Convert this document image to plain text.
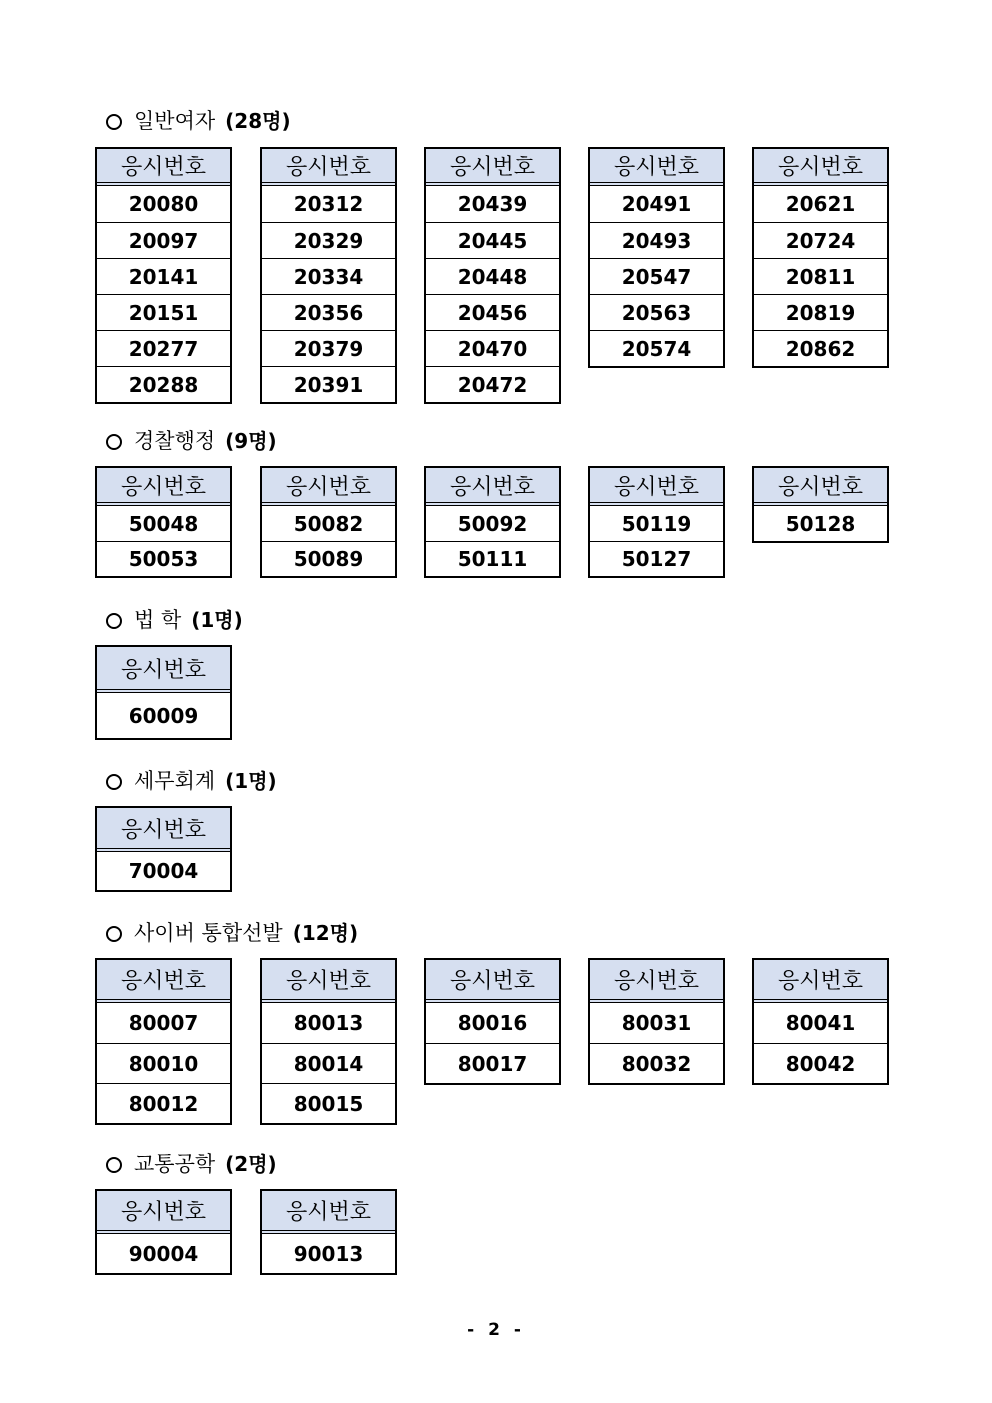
일반여자 (28명)
응시번호
20080
20097
20141
20151
20277
20288
응시번호
20312
20329
20334
20356
20379
20391
응시번호
20439
20445
20448
20456
20470
20472
응시번호
20491
20493
20547
20563
20574
응시번호
20621
20724
20811
20819
20862
경찰행정 (9명)
응시번호
50048
50053
응시번호
50082
50089
응시번호
50092
50111
응시번호
50119
50127
응시번호
50128
법 학 (1명)
응시번호
60009
세무회계 (1명)
응시번호
70004
사이버 통합선발 (12명)
응시번호
80007
80010
80012
응시번호
80013
80014
80015
응시번호
80016
80017
응시번호
80031
80032
응시번호
80041
80042
교통공학 (2명)
응시번호
90004
응시번호
90013
- 2 -
